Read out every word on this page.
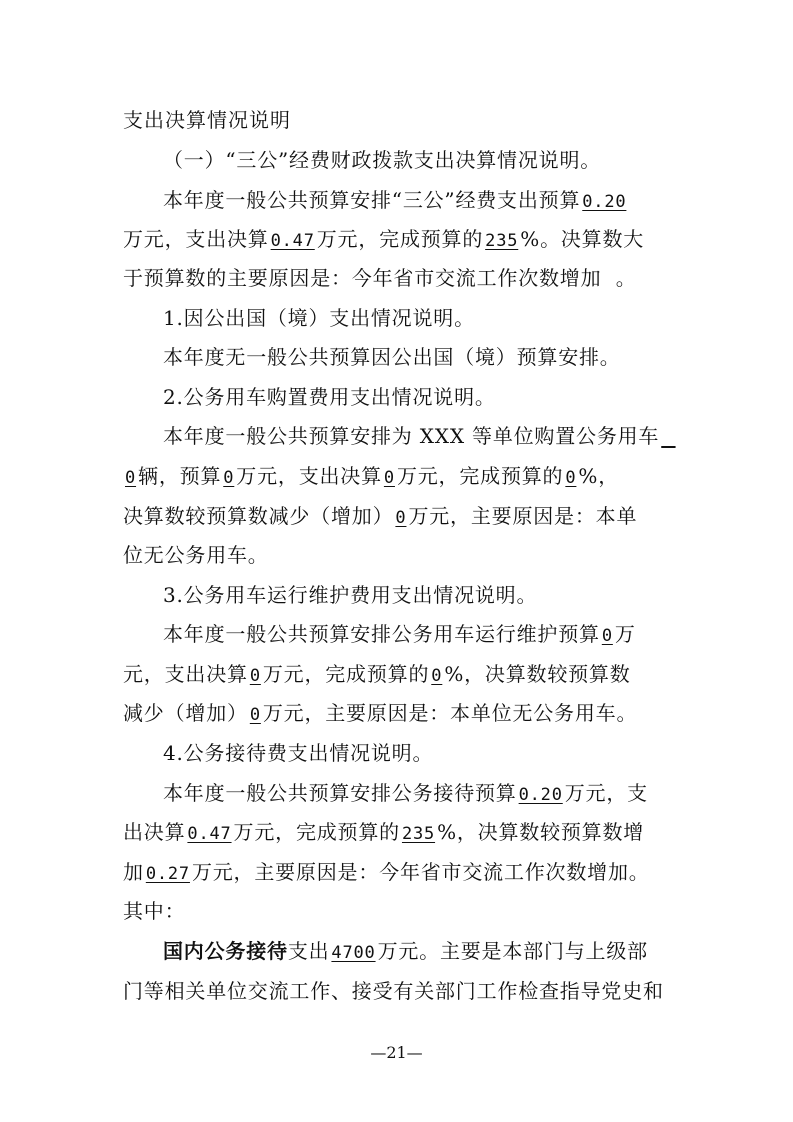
支出决算情况说明
（一）“三公”经费财政拨款支出决算情况说明。
本年度一般公共预算安排“三公”经费支出预算 0.20
万元，支出决算 0.47 万元，完成预算的 235 %。决算数大
于预算数的主要原因是：今年省市交流工作次数增加 。
1.因公出国（境）支出情况说明。
本年度无一般公共预算因公出国（境）预算安排。
2.公务用车购置费用支出情况说明。
本年度一般公共预算安排为 XXX 等单位购置公务用车
0 辆，预算 0 万元，支出决算 0 万元，完成预算的 0 %，
决算数较预算数减少（增加） 0 万元，主要原因是：本单
位无公务用车。
3.公务用车运行维护费用支出情况说明。
本年度一般公共预算安排公务用车运行维护预算 0 万
元，支出决算 0 万元，完成预算的 0 %，决算数较预算数
减少（增加） 0 万元，主要原因是：本单位无公务用车。
4.公务接待费支出情况说明。
本年度一般公共预算安排公务接待预算 0.20 万元，支
出决算 0.47 万元，完成预算的 235 %，决算数较预算数增
加 0.27 万元，主要原因是：今年省市交流工作次数增加。
其中：
国内公务接待支出 4700 万元。主要是本部门与上级部
门等相关单位交流工作、接受有关部门工作检查指导党史和
—21—
